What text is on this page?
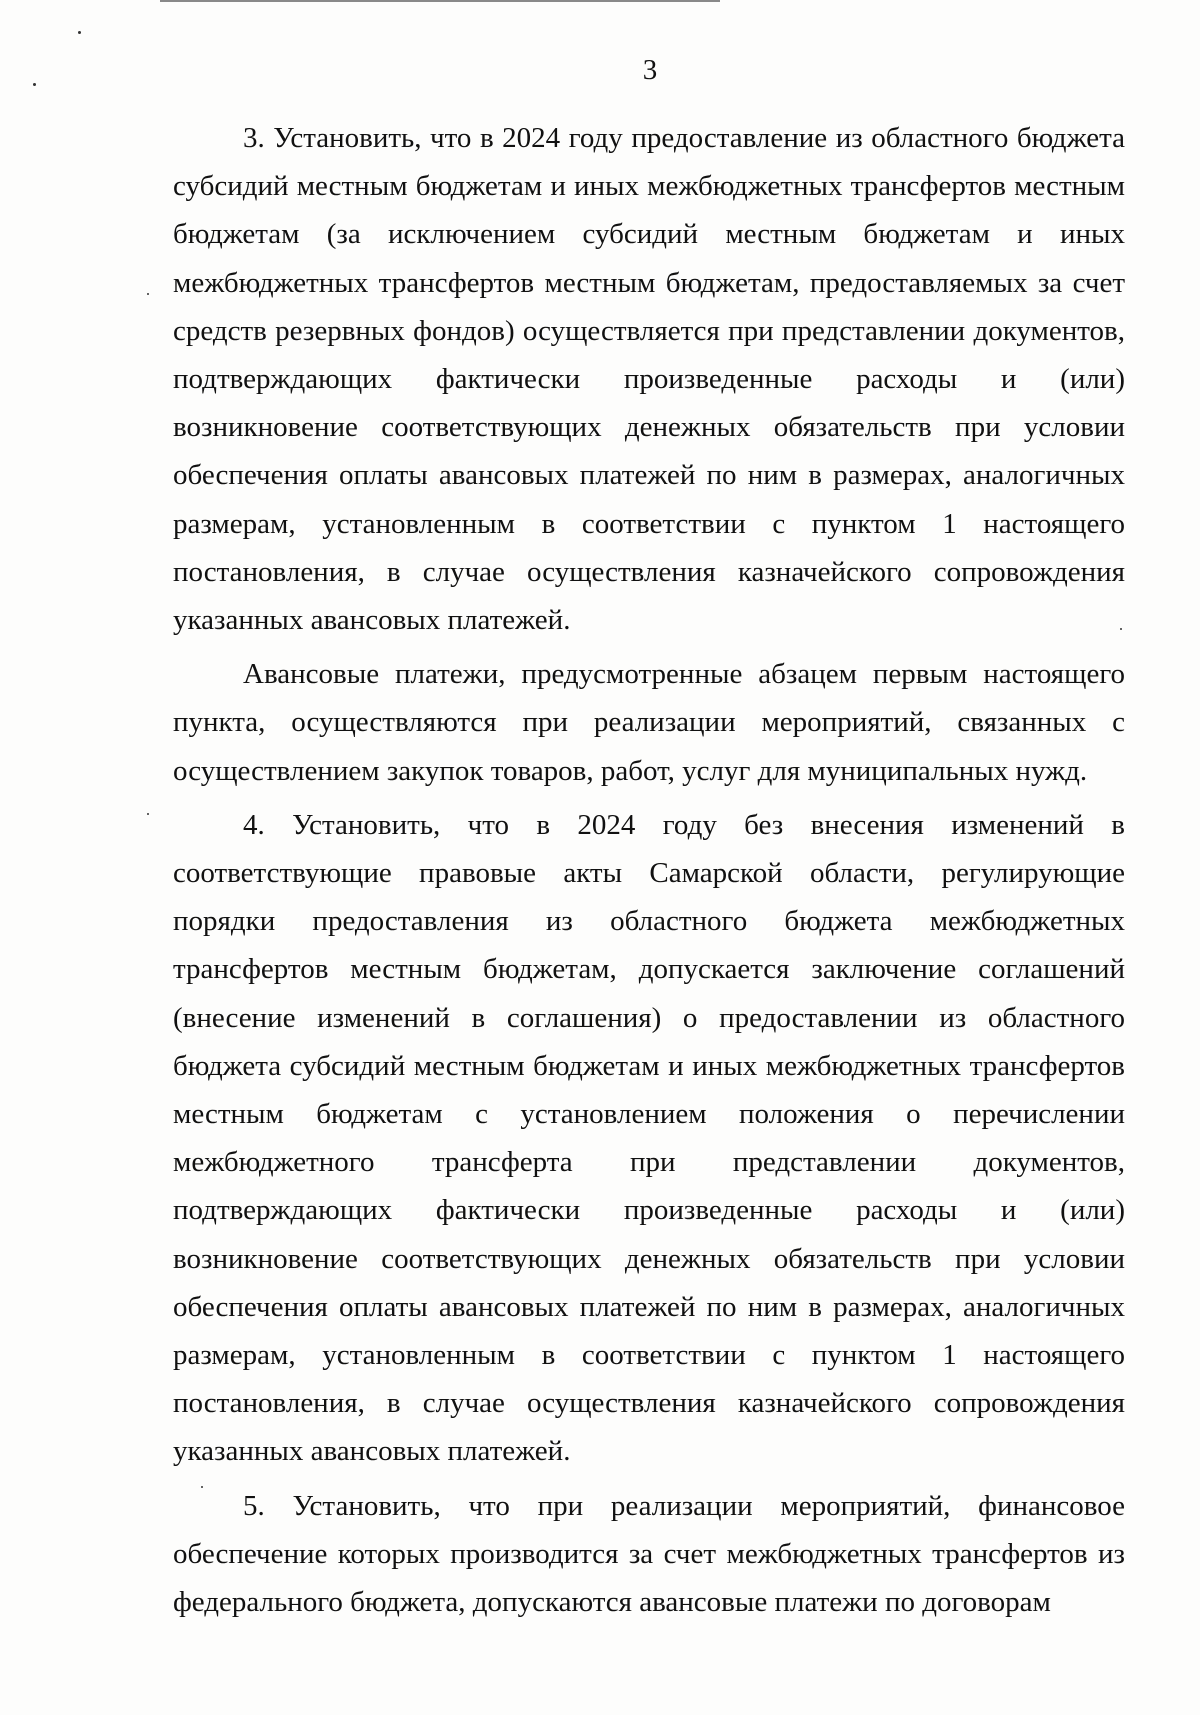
3

3. Установить, что в 2024 году предоставление из областного бюджета субсидий местным бюджетам и иных межбюджетных трансфертов местным бюджетам (за исключением субсидий местным бюджетам и иных межбюджетных трансфертов местным бюджетам, предоставляемых за счет средств резервных фондов) осуществляется при представлении документов, подтверждающих фактически произведенные расходы и (или) возникновение соответствующих денежных обязательств при условии обеспечения оплаты авансовых платежей по ним в размерах, аналогичных размерам, установленным в соответствии с пунктом 1 настоящего постановления, в случае осуществления казначейского сопровождения указанных авансовых платежей.

Авансовые платежи, предусмотренные абзацем первым настоящего пункта, осуществляются при реализации мероприятий, связанных с осуществлением закупок товаров, работ, услуг для муниципальных нужд.

4. Установить, что в 2024 году без внесения изменений в соответствующие правовые акты Самарской области, регулирующие порядки предоставления из областного бюджета межбюджетных трансфертов местным бюджетам, допускается заключение соглашений (внесение изменений в соглашения) о предоставлении из областного бюджета субсидий местным бюджетам и иных межбюджетных трансфертов местным бюджетам с установлением положения о перечислении межбюджетного трансферта при представлении документов, подтверждающих фактически произведенные расходы и (или) возникновение соответствующих денежных обязательств при условии обеспечения оплаты авансовых платежей по ним в размерах, аналогичных размерам, установленным в соответствии с пунктом 1 настоящего постановления, в случае осуществления казначейского сопровождения указанных авансовых платежей.

5. Установить, что при реализации мероприятий, финансовое обеспечение которых производится за счет межбюджетных трансфертов из федерального бюджета, допускаются авансовые платежи по договорам
